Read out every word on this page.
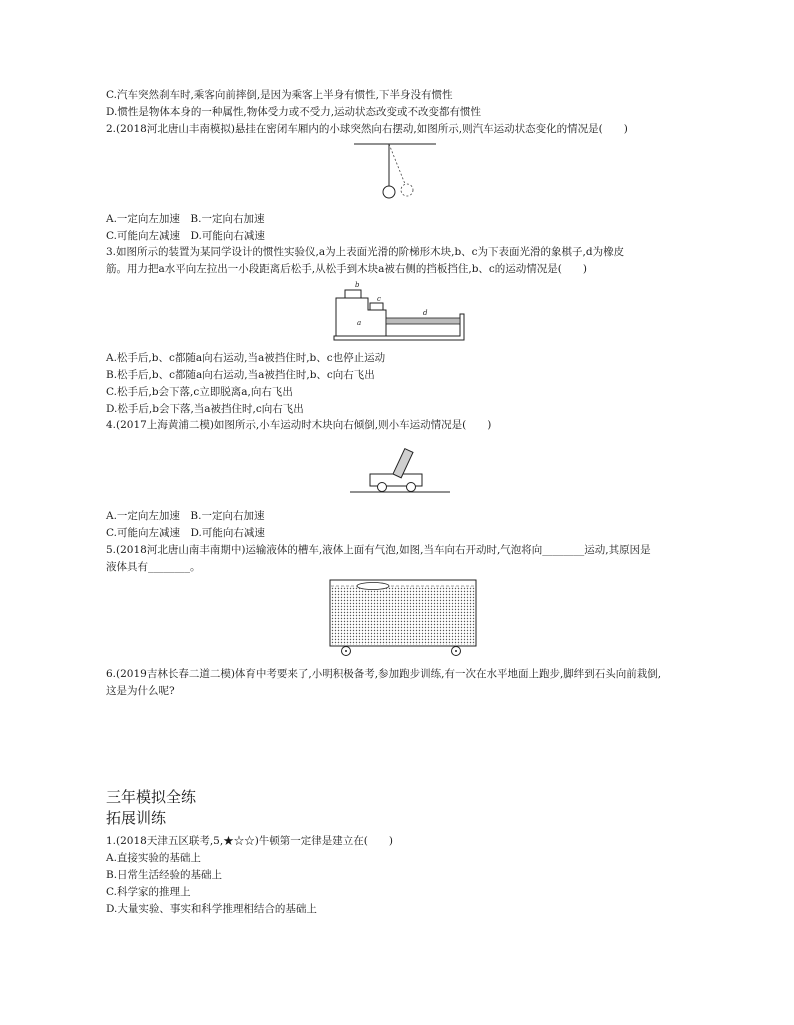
C.汽车突然刹车时,乘客向前摔倒,是因为乘客上半身有惯性,下半身没有惯性
D.惯性是物体本身的一种属性,物体受力或不受力,运动状态改变或不改变都有惯性
2.(2018河北唐山丰南模拟)悬挂在密闭车厢内的小球突然向右摆动,如图所示,则汽车运动状态变化的情况是(　　)
A.一定向左加速　B.一定向右加速
C.可能向左减速　D.可能向右减速
3.如图所示的装置为某同学设计的惯性实验仪,a为上表面光滑的阶梯形木块,b、c为下表面光滑的象棋子,d为橡皮
筋。用力把a水平向左拉出一小段距离后松手,从松手到木块a被右侧的挡板挡住,b、c的运动情况是(　　)
b
c
d
a
A.松手后,b、c都随a向右运动,当a被挡住时,b、c也停止运动
B.松手后,b、c都随a向右运动,当a被挡住时,b、c向右飞出
C.松手后,b会下落,c立即脱离a,向右飞出
D.松手后,b会下落,当a被挡住时,c向右飞出
4.(2017上海黄浦二模)如图所示,小车运动时木块向右倾倒,则小车运动情况是(　　)
A.一定向左加速　B.一定向右加速
C.可能向左减速　D.可能向右减速
5.(2018河北唐山南丰南期中)运输液体的槽车,液体上面有气泡,如图,当车向右开动时,气泡将向________运动,其原因是
液体具有________。
6.(2019吉林长春二道二模)体育中考要来了,小明积极备考,参加跑步训练,有一次在水平地面上跑步,脚绊到石头向前栽倒,
这是为什么呢?
三年模拟全练
拓展训练
1.(2018天津五区联考,5,★☆☆)牛顿第一定律是建立在(　　)
A.直接实验的基础上
B.日常生活经验的基础上
C.科学家的推理上
D.大量实验、事实和科学推理相结合的基础上
